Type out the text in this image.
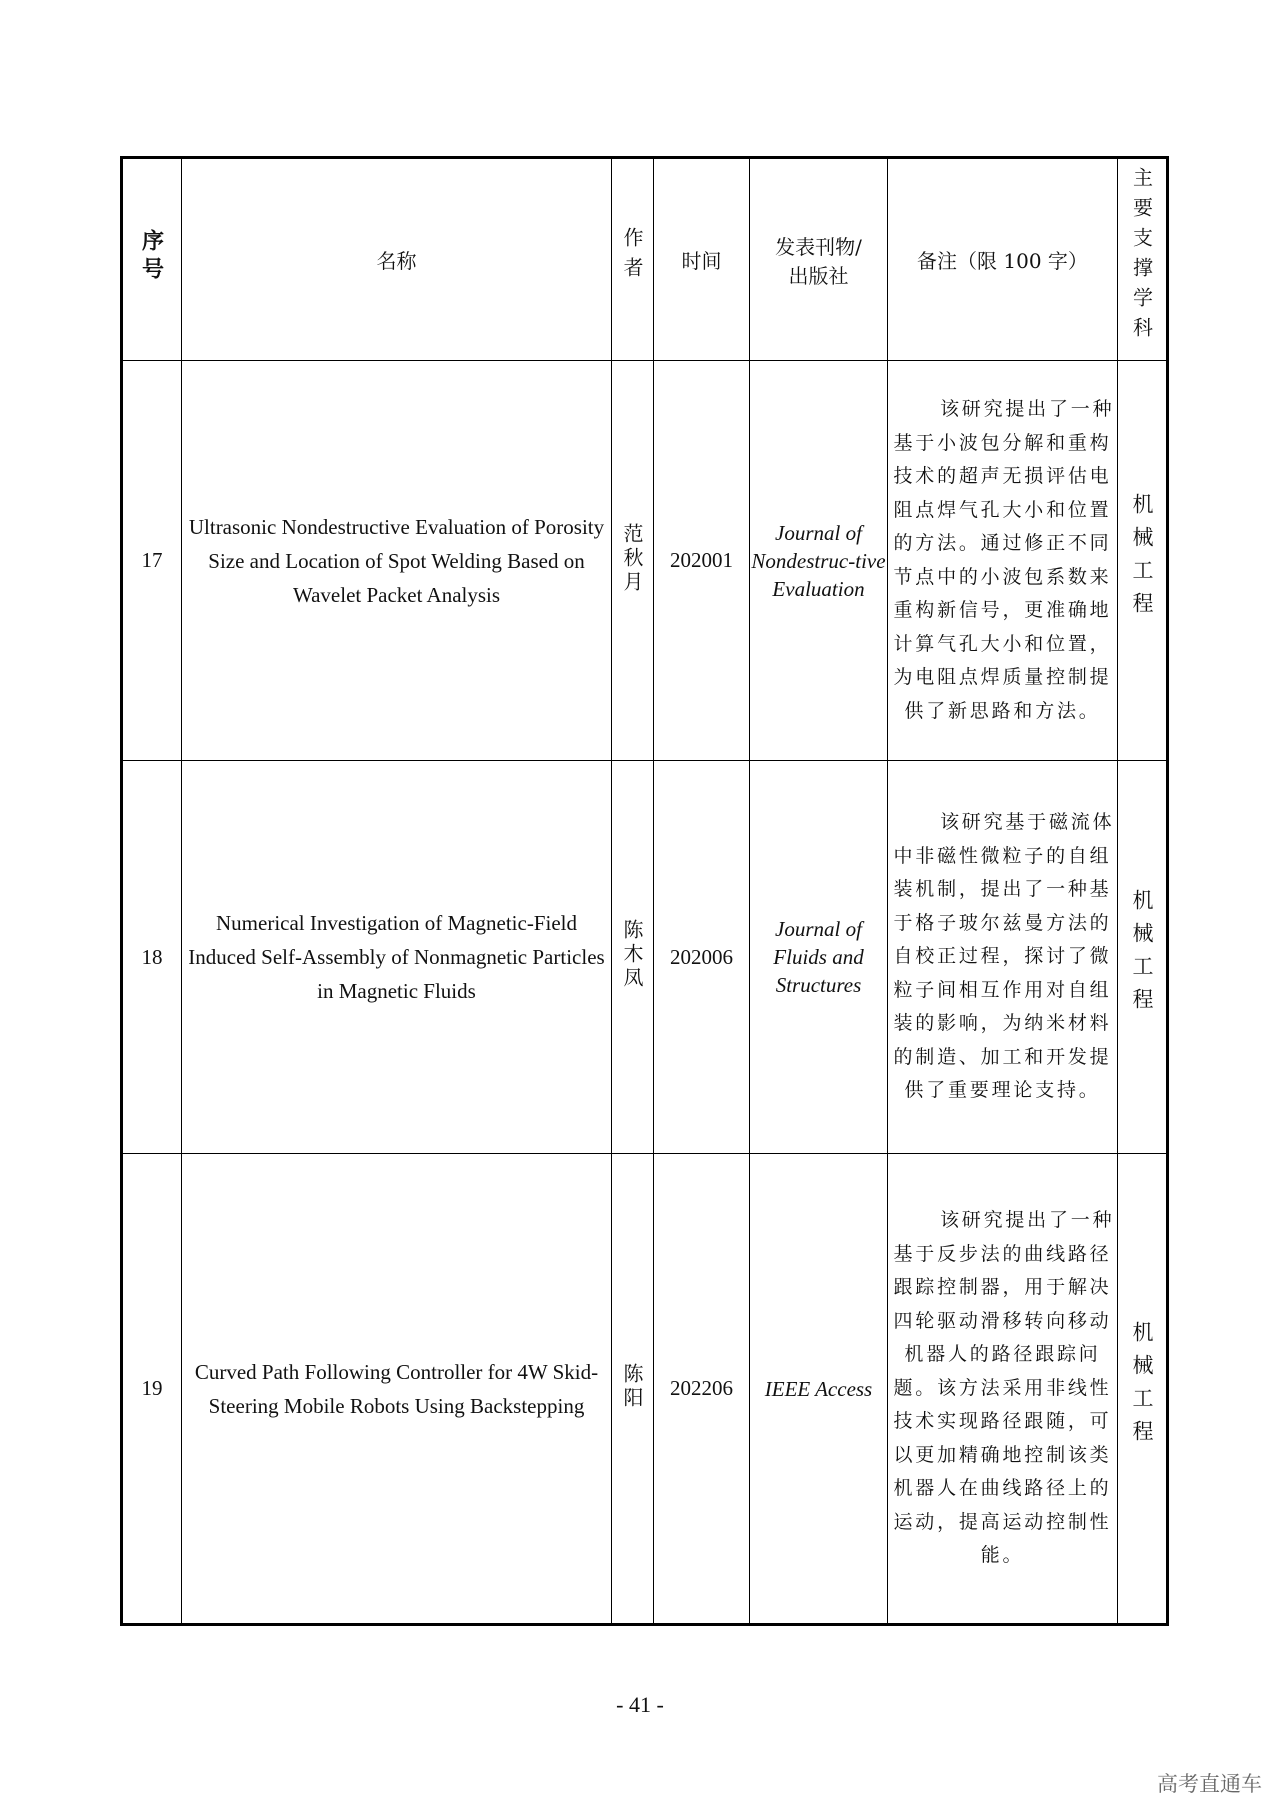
序号	名称	作者	时间	发表刊物/
出版社	备注（限 100 字）	主要支撑学科
17	Ultrasonic Nondestructive Evaluation of Porosity Size and Location of Spot Welding Based on Wavelet Packet Analysis	范秋月	202001	Journal of Nondestruc-tive Evaluation	该研究提出了一种基于小波包分解和重构技术的超声无损评估电阻点焊气孔大小和位置的方法。通过修正不同节点中的小波包系数来重构新信号，更准确地计算气孔大小和位置，为电阻点焊质量控制提供了新思路和方法。	机械工程
18	Numerical Investigation of Magnetic-Field Induced Self-Assembly of Nonmagnetic Particles in Magnetic Fluids	陈木凤	202006	Journal of Fluids and Structures	该研究基于磁流体中非磁性微粒子的自组装机制，提出了一种基于格子玻尔兹曼方法的自校正过程，探讨了微粒子间相互作用对自组装的影响，为纳米材料的制造、加工和开发提供了重要理论支持。	机械工程
19	Curved Path Following Controller for 4W Skid-Steering Mobile Robots Using Backstepping	陈阳	202206	IEEE Access	该研究提出了一种基于反步法的曲线路径跟踪控制器，用于解决四轮驱动滑移转向移动机器人的路径跟踪问题。该方法采用非线性技术实现路径跟随，可以更加精确地控制该类机器人在曲线路径上的运动，提高运动控制性能。	机械工程
- 41 -
高考直通车
